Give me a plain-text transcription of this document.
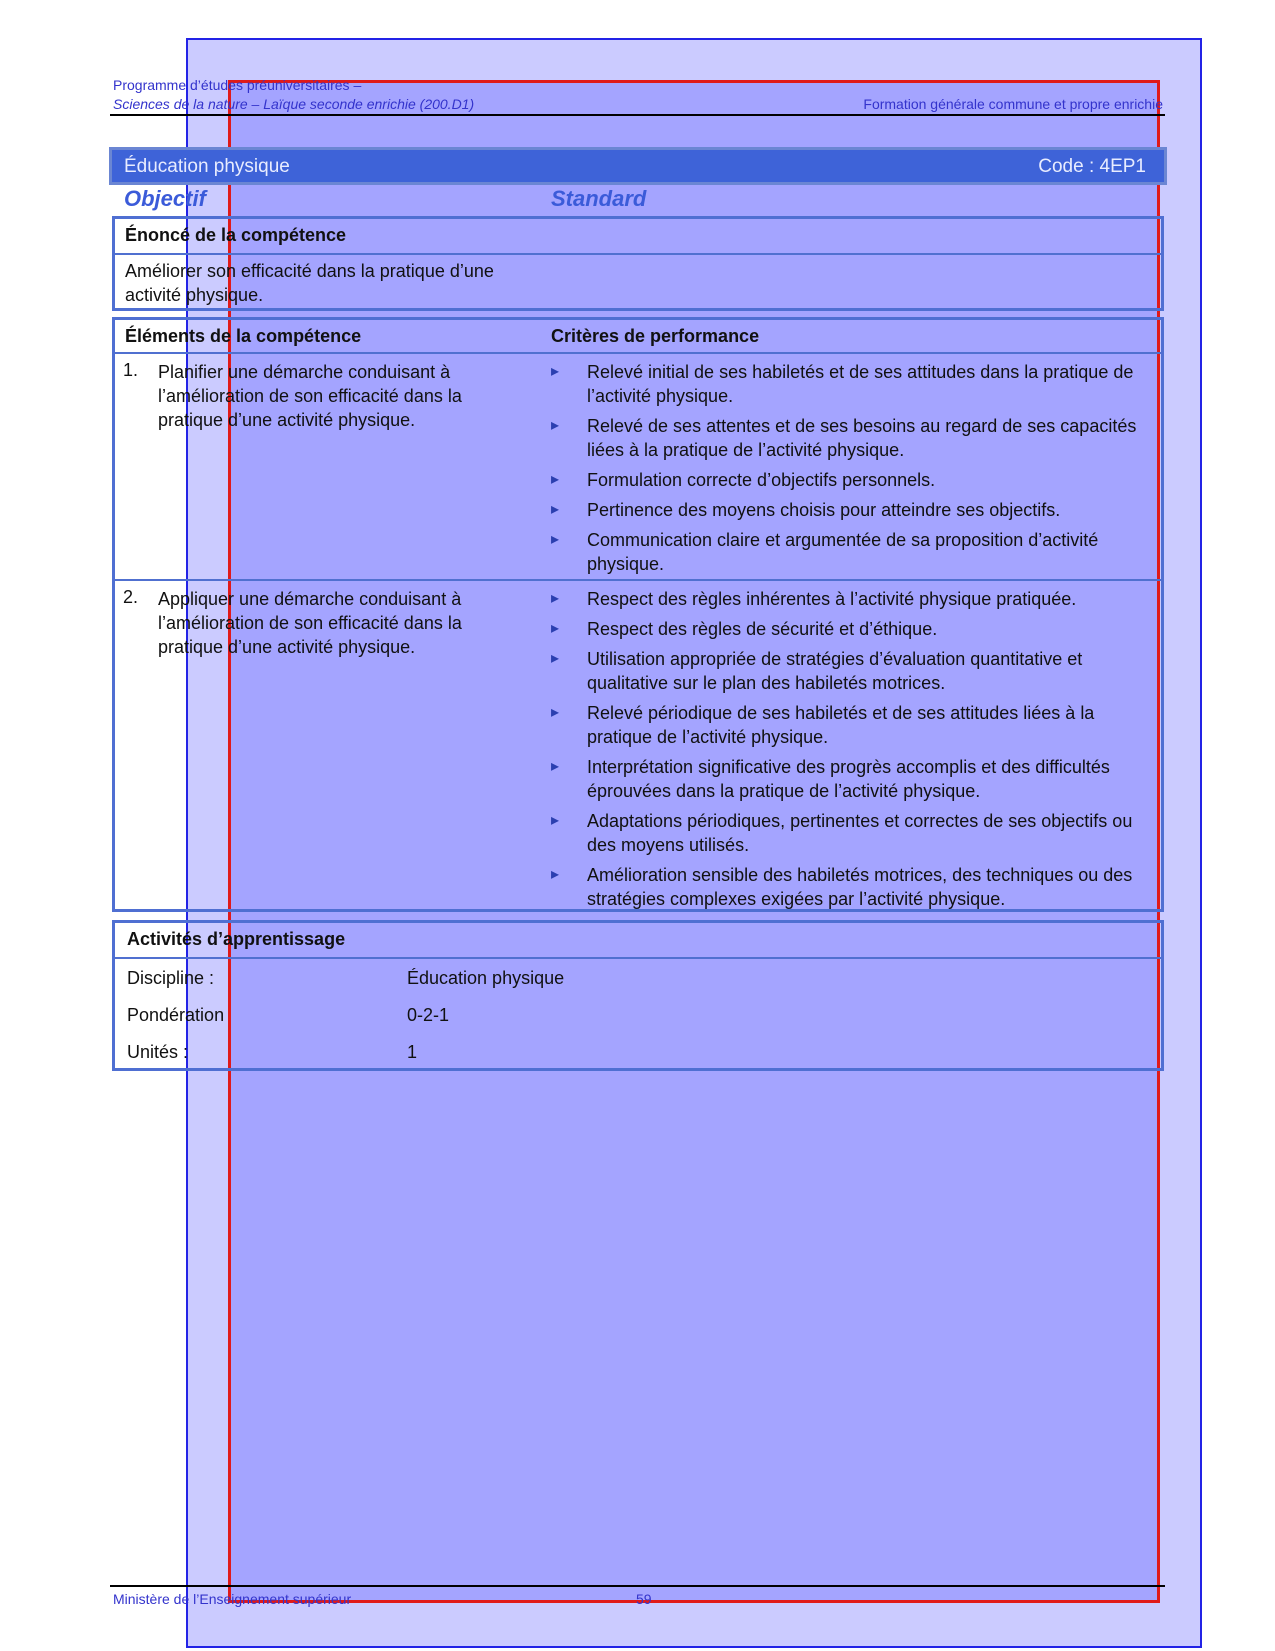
Programme d’études préuniversitaires –
Sciences de la nature – Laïque seconde enrichie (200.D1)	Formation générale commune et propre enrichie
Éducation physique	Code : 4EP1
Objectif	Standard
Énoncé de la compétence
Améliorer son efficacité dans la pratique d’une activité physique.
Éléments de la compétence	Critères de performance
1. Planifier une démarche conduisant à l’amélioration de son efficacité dans la pratique d’une activité physique.
▸ Relevé initial de ses habiletés et de ses attitudes dans la pratique de l’activité physique.
▸ Relevé de ses attentes et de ses besoins au regard de ses capacités liées à la pratique de l’activité physique.
▸ Formulation correcte d’objectifs personnels.
▸ Pertinence des moyens choisis pour atteindre ses objectifs.
▸ Communication claire et argumentée de sa proposition d’activité physique.
2. Appliquer une démarche conduisant à l’amélioration de son efficacité dans la pratique d’une activité physique.
▸ Respect des règles inhérentes à l’activité physique pratiquée.
▸ Respect des règles de sécurité et d’éthique.
▸ Utilisation appropriée de stratégies d’évaluation quantitative et qualitative sur le plan des habiletés motrices.
▸ Relevé périodique de ses habiletés et de ses attitudes liées à la pratique de l’activité physique.
▸ Interprétation significative des progrès accomplis et des difficultés éprouvées dans la pratique de l’activité physique.
▸ Adaptations périodiques, pertinentes et correctes de ses objectifs ou des moyens utilisés.
▸ Amélioration sensible des habiletés motrices, des techniques ou des stratégies complexes exigées par l’activité physique.
Activités d’apprentissage
Discipline :	Éducation physique
Pondération	0-2-1
Unités :	1
Ministère de l’Enseignement supérieur	59
